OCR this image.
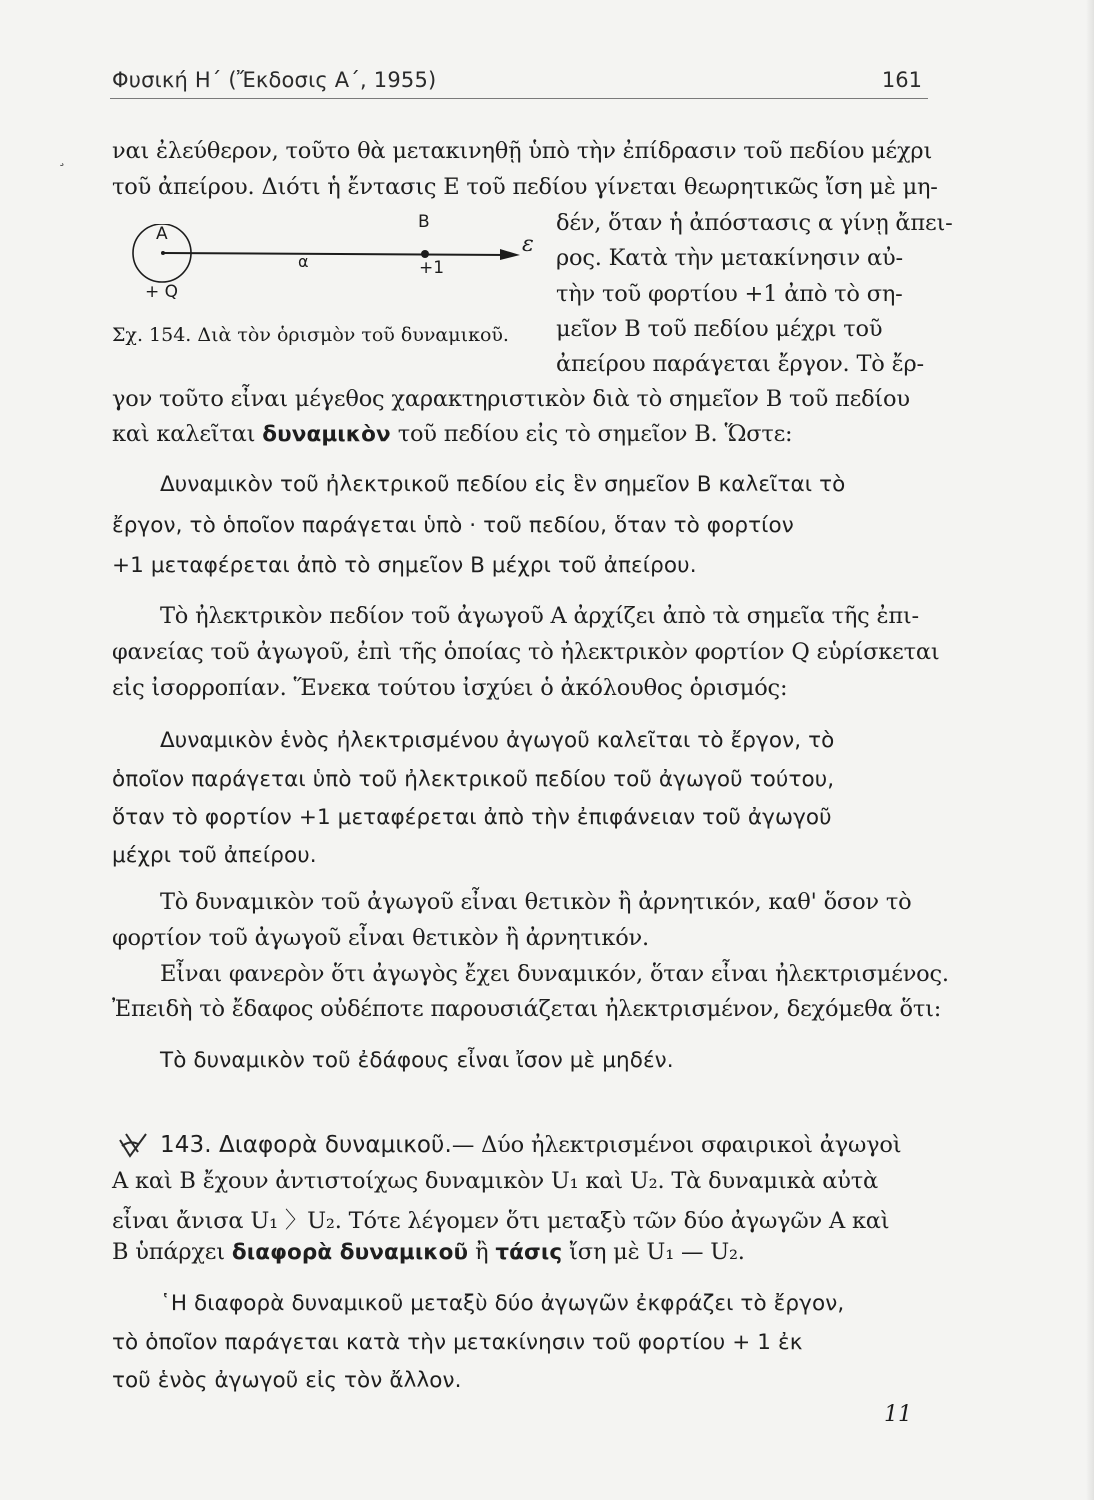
Φυσική Η΄ (Ἔκδοσις Α΄, 1955)	161
¸ ναι ἐλεύθερον, τοῦτο θὰ μετακινηθῇ ὑπὸ τὴν ἐπίδρασιν τοῦ πεδίου μέχρι
τοῦ ἀπείρου. Διότι ἡ ἔντασις Ε τοῦ πεδίου γίνεται θεωρητικῶς ἴση μὲ μη-
δέν, ὅταν ἡ ἀπόστασις α γίνῃ ἄπει-
ρος. Κατὰ τὴν μετακίνησιν αὐ-
τὴν τοῦ φορτίου +1 ἀπὸ τὸ ση-
μεῖον Β τοῦ πεδίου μέχρι τοῦ
ἀπείρου παράγεται ἔργον. Τὸ ἔρ-
γον τοῦτο εἶναι μέγεθος χαρακτηριστικὸν διὰ τὸ σημεῖον Β τοῦ πεδίου
καὶ καλεῖται δυναμικὸν τοῦ πεδίου εἰς τὸ σημεῖον Β. Ὥστε:
A
B
α
ε
+1
+ Q
Σχ. 154. Διὰ τὸν ὁρισμὸν τοῦ δυναμικοῦ.
Δυναμικὸν τοῦ ἠλεκτρικοῦ πεδίου εἰς ἓν σημεῖον Β καλεῖται τὸ
ἔργον, τὸ ὁποῖον παράγεται ὑπὸ · τοῦ πεδίου, ὅταν τὸ φορτίον
+1 μεταφέρεται ἀπὸ τὸ σημεῖον Β μέχρι τοῦ ἀπείρου.
Τὸ ἠλεκτρικὸν πεδίον τοῦ ἀγωγοῦ Α ἀρχίζει ἀπὸ τὰ σημεῖα τῆς ἐπι-
φανείας τοῦ ἀγωγοῦ, ἐπὶ τῆς ὁποίας τὸ ἠλεκτρικὸν φορτίον Q εὑρίσκεται
εἰς ἰσορροπίαν. Ἕνεκα τούτου ἰσχύει ὁ ἀκόλουθος ὁρισμός:
Δυναμικὸν ἑνὸς ἠλεκτρισμένου ἀγωγοῦ καλεῖται τὸ ἔργον, τὸ
ὁποῖον παράγεται ὑπὸ τοῦ ἠλεκτρικοῦ πεδίου τοῦ ἀγωγοῦ τούτου,
ὅταν τὸ φορτίον +1 μεταφέρεται ἀπὸ τὴν ἐπιφάνειαν τοῦ ἀγωγοῦ
μέχρι τοῦ ἀπείρου.
Τὸ δυναμικὸν τοῦ ἀγωγοῦ εἶναι θετικὸν ἢ ἀρνητικόν, καθ' ὅσον τὸ
φορτίον τοῦ ἀγωγοῦ εἶναι θετικὸν ἢ ἀρνητικόν.
Εἶναι φανερὸν ὅτι ἀγωγὸς ἔχει δυναμικόν, ὅταν εἶναι ἠλεκτρισμένος.
Ἐπειδὴ τὸ ἔδαφος οὐδέποτε παρουσιάζεται ἠλεκτρισμένον, δεχόμεθα ὅτι:
Τὸ δυναμικὸν τοῦ ἐδάφους εἶναι ἴσον μὲ μηδέν.
143. Διαφορὰ δυναμικοῦ.— Δύο ἠλεκτρισμένοι σφαιρικοὶ ἀγωγοὶ
Α καὶ Β ἔχουν ἀντιστοίχως δυναμικὸν U₁ καὶ U₂. Τὰ δυναμικὰ αὐτὰ
εἶναι ἄνισα U₁ 〉U₂. Τότε λέγομεν ὅτι μεταξὺ τῶν δύο ἀγωγῶν Α καὶ
Β ὑπάρχει διαφορὰ δυναμικοῦ ἢ τάσις ἴση μὲ U₁ — U₂.
῾Η διαφορὰ δυναμικοῦ μεταξὺ δύο ἀγωγῶν ἐκφράζει τὸ ἔργον,
τὸ ὁποῖον παράγεται κατὰ τὴν μετακίνησιν τοῦ φορτίου + 1 ἐκ
τοῦ ἑνὸς ἀγωγοῦ εἰς τὸν ἄλλον.
11
